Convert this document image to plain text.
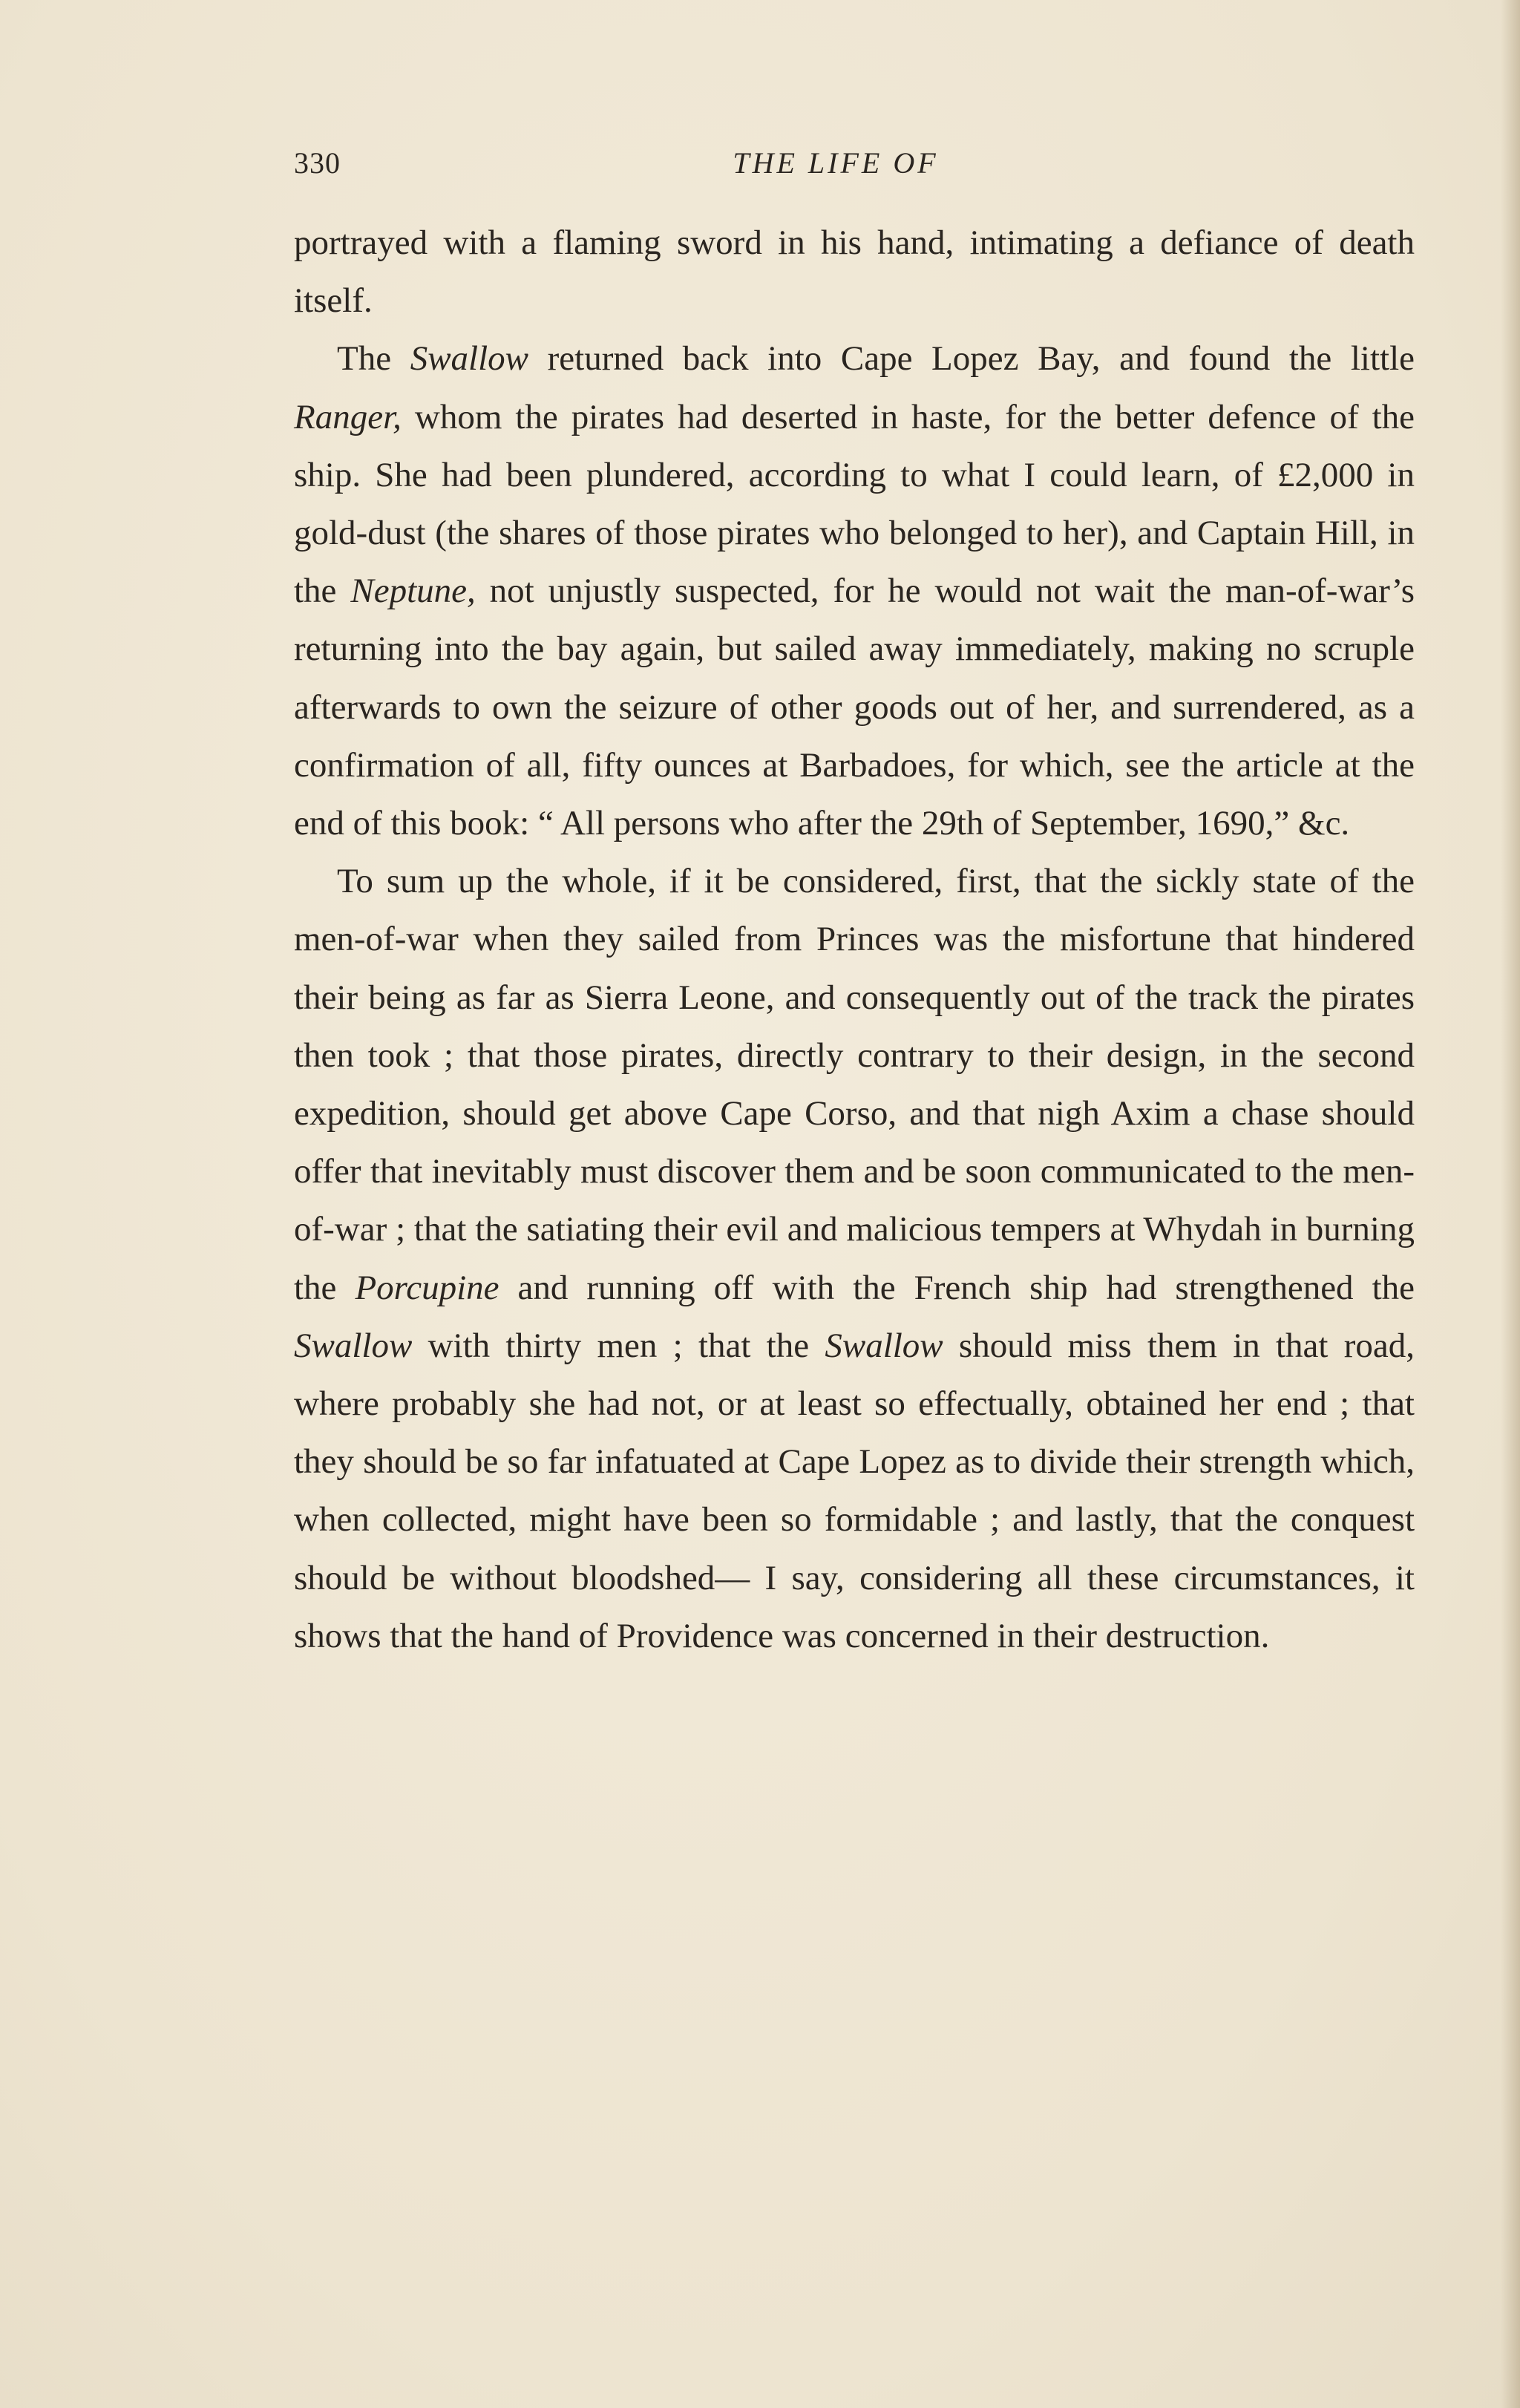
330	THE LIFE OF

portrayed with a flaming sword in his hand, intimating a defiance of death itself.

The Swallow returned back into Cape Lopez Bay, and found the little Ranger, whom the pirates had deserted in haste, for the better defence of the ship. She had been plundered, according to what I could learn, of £2,000 in gold-dust (the shares of those pirates who belonged to her), and Captain Hill, in the Neptune, not unjustly suspected, for he would not wait the man-of-war’s returning into the bay again, but sailed away immediately, making no scruple afterwards to own the seizure of other goods out of her, and surrendered, as a confirmation of all, fifty ounces at Barbadoes, for which, see the article at the end of this book: “ All persons who after the 29th of September, 1690,” &c.

To sum up the whole, if it be considered, first, that the sickly state of the men-of-war when they sailed from Princes was the misfortune that hindered their being as far as Sierra Leone, and consequently out of the track the pirates then took ; that those pirates, directly contrary to their design, in the second expedition, should get above Cape Corso, and that nigh Axim a chase should offer that inevitably must discover them and be soon communicated to the men-of-war ; that the satiating their evil and malicious tempers at Whydah in burning the Porcupine and running off with the French ship had strengthened the Swallow with thirty men ; that the Swallow should miss them in that road, where probably she had not, or at least so effectually, obtained her end ; that they should be so far infatuated at Cape Lopez as to divide their strength which, when collected, might have been so formidable ; and lastly, that the conquest should be without bloodshed— I say, considering all these circumstances, it shows that the hand of Providence was concerned in their destruction.
